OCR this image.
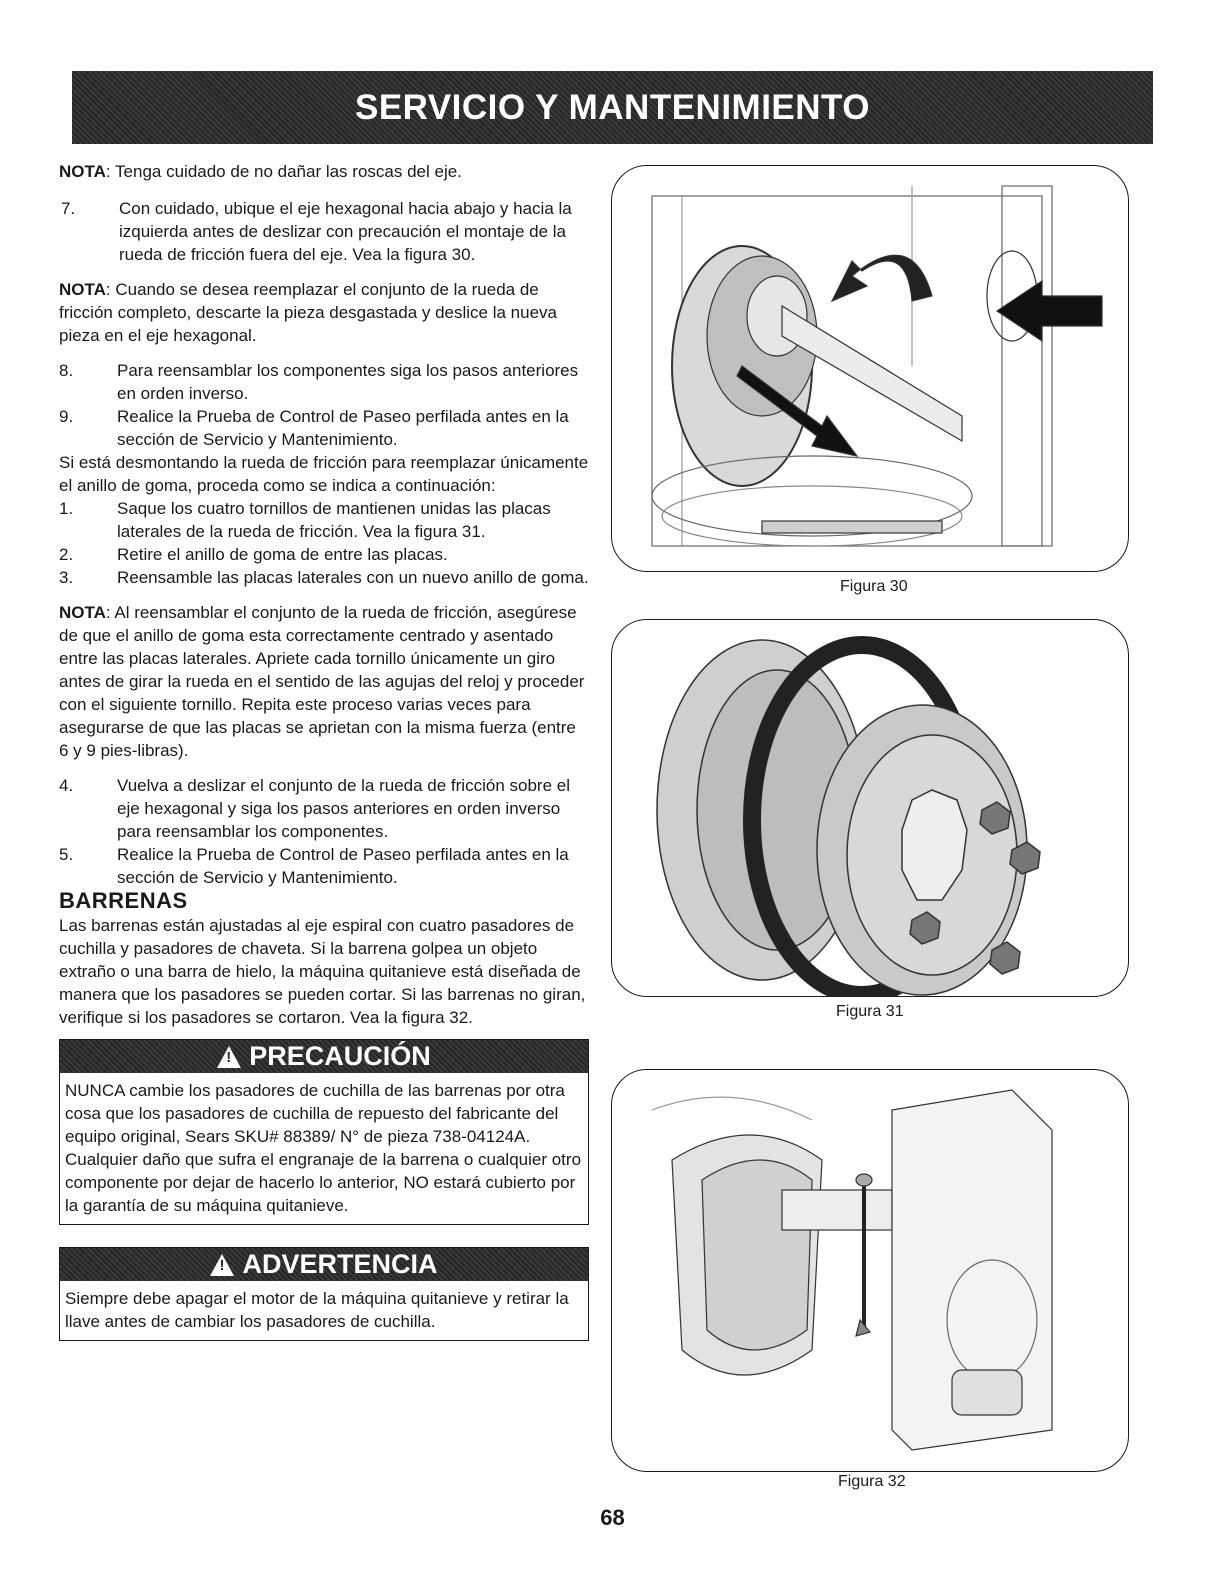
SERVICIO Y MANTENIMIENTO

NOTA: Tenga cuidado de no dañar las roscas del eje.

7.	Con cuidado, ubique el eje hexagonal hacia abajo y hacia la izquierda antes de deslizar con precaución el montaje de la rueda de fricción fuera del eje. Vea la figura 30.

NOTA: Cuando se desea reemplazar el conjunto de la rueda de fricción completo, descarte la pieza desgastada y deslice la nueva pieza en el eje hexagonal.

8.	Para reensamblar los componentes siga los pasos anteriores en orden inverso.
9.	Realice la Prueba de Control de Paseo perfilada antes en la sección de Servicio y Mantenimiento.

Si está desmontando la rueda de fricción para reemplazar únicamente el anillo de goma, proceda como se indica a continuación:

1.	Saque los cuatro tornillos de mantienen unidas las placas laterales de la rueda de fricción. Vea la figura 31.
2.	Retire el anillo de goma de entre las placas.
3.	Reensamble las placas laterales con un nuevo anillo de goma.

NOTA: Al reensamblar el conjunto de la rueda de fricción, asegúrese de que el anillo de goma esta correctamente centrado y asentado entre las placas laterales. Apriete cada tornillo únicamente un giro antes de girar la rueda en el sentido de las agujas del reloj y proceder con el siguiente tornillo. Repita este proceso varias veces para asegurarse de que las placas se aprietan con la misma fuerza (entre 6 y 9 pies-libras).

4.	Vuelva a deslizar el conjunto de la rueda de fricción sobre el eje hexagonal y siga los pasos anteriores en orden inverso para reensamblar los componentes.
5.	Realice la Prueba de Control de Paseo perfilada antes en la sección de Servicio y Mantenimiento.

BARRENAS

Las barrenas están ajustadas al eje espiral con cuatro pasadores de cuchilla y pasadores de chaveta. Si la barrena golpea un objeto extraño o una barra de hielo, la máquina quitanieve está diseñada de manera que los pasadores se pueden cortar. Si las barrenas no giran, verifique si los pasadores se cortaron. Vea la figura 32.

!
PRECAUCIÓN
NUNCA cambie los pasadores de cuchilla de las barrenas por otra cosa que los pasadores de cuchilla de repuesto del fabricante del equipo original, Sears SKU# 88389/ N° de pieza 738-04124A. Cualquier daño que sufra el engranaje de la barrena o cualquier otro componente por dejar de hacerlo lo anterior, NO estará cubierto por la garantía de su máquina quitanieve.
!
ADVERTENCIA
Siempre debe apagar el motor de la máquina quitanieve y retirar la llave antes de cambiar los pasadores de cuchilla.
Figura 30
Figura 31
Figura 32
68
